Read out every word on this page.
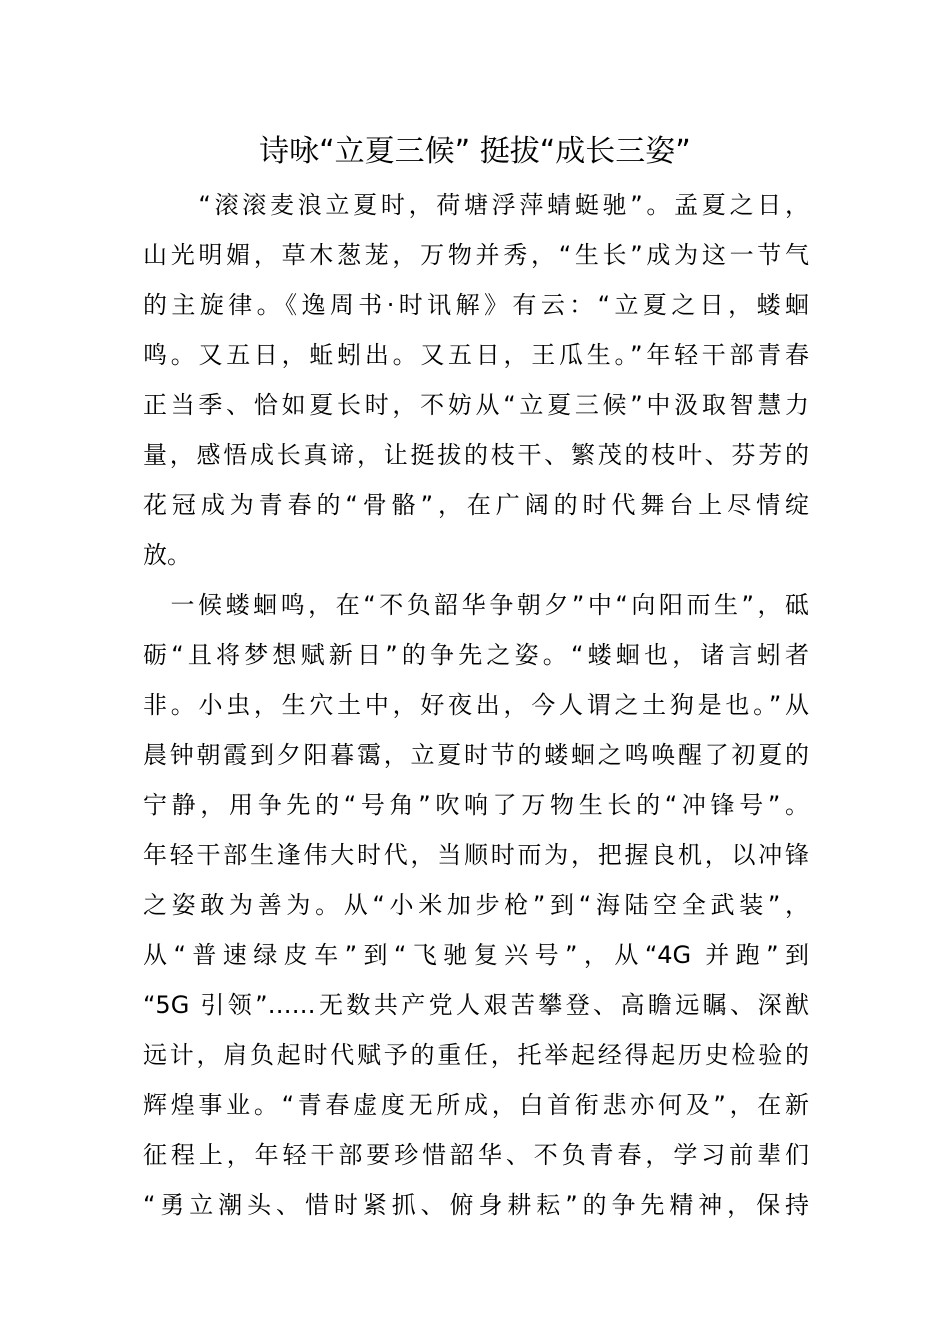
诗咏“立夏三候” 挺拔“成长三姿”
　　“滚滚麦浪立夏时，荷塘浮萍蜻蜓驰”。孟夏之日，
山光明媚，草木葱茏，万物并秀，“生长”成为这一节气
的主旋律。《逸周书·时讯解》有云：“立夏之日，蝼蛔
鸣。又五日，蚯蚓出。又五日，王瓜生。”年轻干部青春
正当季、恰如夏长时，不妨从“立夏三候”中汲取智慧力
量，感悟成长真谛，让挺拔的枝干、繁茂的枝叶、芬芳的
花冠成为青春的“骨骼”，在广阔的时代舞台上尽情绽
放。
　一候蝼蛔鸣，在“不负韶华争朝夕”中“向阳而生”，砥
砺“且将梦想赋新日”的争先之姿。“蝼蛔也，诸言蚓者
非。小虫，生穴土中，好夜出，今人谓之土狗是也。”从
晨钟朝霞到夕阳暮霭，立夏时节的蝼蛔之鸣唤醒了初夏的
宁静，用争先的“号角”吹响了万物生长的“冲锋号”。
年轻干部生逢伟大时代，当顺时而为，把握良机，以冲锋
之姿敢为善为。从“小米加步枪”到“海陆空全武装”，
从“普速绿皮车”到“飞驰复兴号”，从“4G 并跑”到
“5G 引领”……无数共产党人艰苦攀登、高瞻远瞩、深猷
远计，肩负起时代赋予的重任，托举起经得起历史检验的
辉煌事业。“青春虚度无所成，白首衔悲亦何及”，在新
征程上，年轻干部要珍惜韶华、不负青春，学习前辈们
“勇立潮头、惜时紧抓、俯身耕耘”的争先精神，保持
